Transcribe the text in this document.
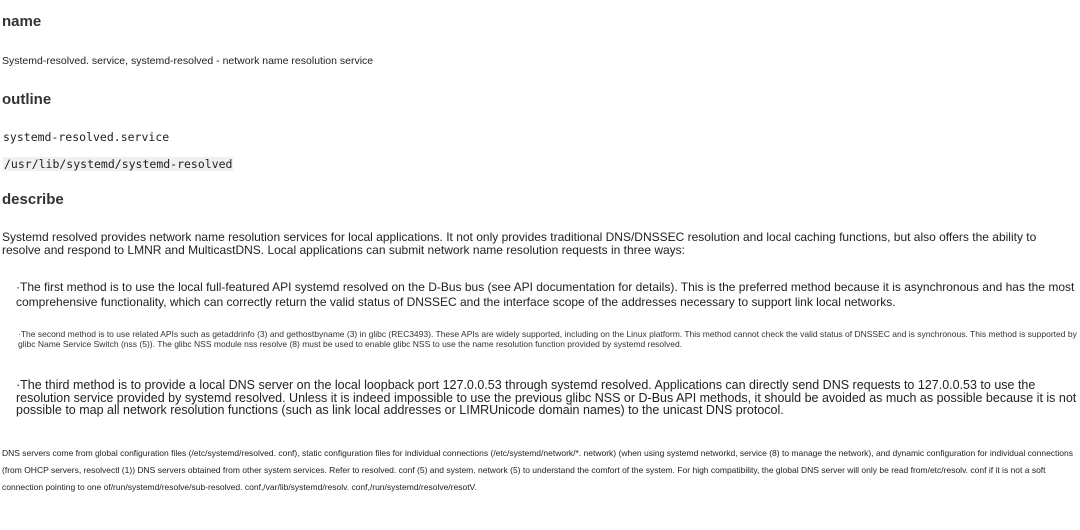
name
Systemd-resolved. service, systemd-resolved - network name resolution service
outline
systemd-resolved.service
/usr/lib/systemd/systemd-resolved
describe

Systemd resolved provides network name resolution services for local applications. It not only provides traditional DNS/DNSSEC resolution and local caching functions, but also offers the ability to resolve and respond to LMNR and MulticastDNS. Local applications can submit network name resolution requests in three ways:

·The first method is to use the local full-featured API systemd resolved on the D-Bus bus (see API documentation for details). This is the preferred method because it is asynchronous and has the most comprehensive functionality, which can correctly return the valid status of DNSSEC and the interface scope of the addresses necessary to support link local networks.

·The second method is to use related APIs such as getaddrinfo (3) and gethostbyname (3) in glibc (REC3493). These APIs are widely supported, including on the Linux platform. This method cannot check the valid status of DNSSEC and is synchronous. This method is supported by glibc Name Service Switch (nss (5)). The glibc NSS module nss resolve (8) must be used to enable glibc NSS to use the name resolution function provided by systemd resolved.

·The third method is to provide a local DNS server on the local loopback port 127.0.0.53 through systemd resolved. Applications can directly send DNS requests to 127.0.0.53 to use the resolution service provided by systemd resolved. Unless it is indeed impossible to use the previous glibc NSS or D-Bus API methods, it should be avoided as much as possible because it is not possible to map all network resolution functions (such as link local addresses or LIMRUnicode domain names) to the unicast DNS protocol.

DNS servers come from global configuration files (/etc/systemd/resolved. conf), static configuration files for individual connections (/etc/systemd/network/*. network) (when using systemd networkd, service (8) to manage the network), and dynamic configuration for individual connections (from OHCP servers, resolvectl (1)) DNS servers obtained from other system services. Refer to resolved. conf (5) and system. network (5) to understand the comfort of the system. For high compatibility, the global DNS server will only be read from/etc/resolv. conf if it is not a soft connection pointing to one of/run/systemd/resolve/sub-resolved. conf,/var/lib/systemd/resolv. conf,/run/systemd/resolve/resotV.
